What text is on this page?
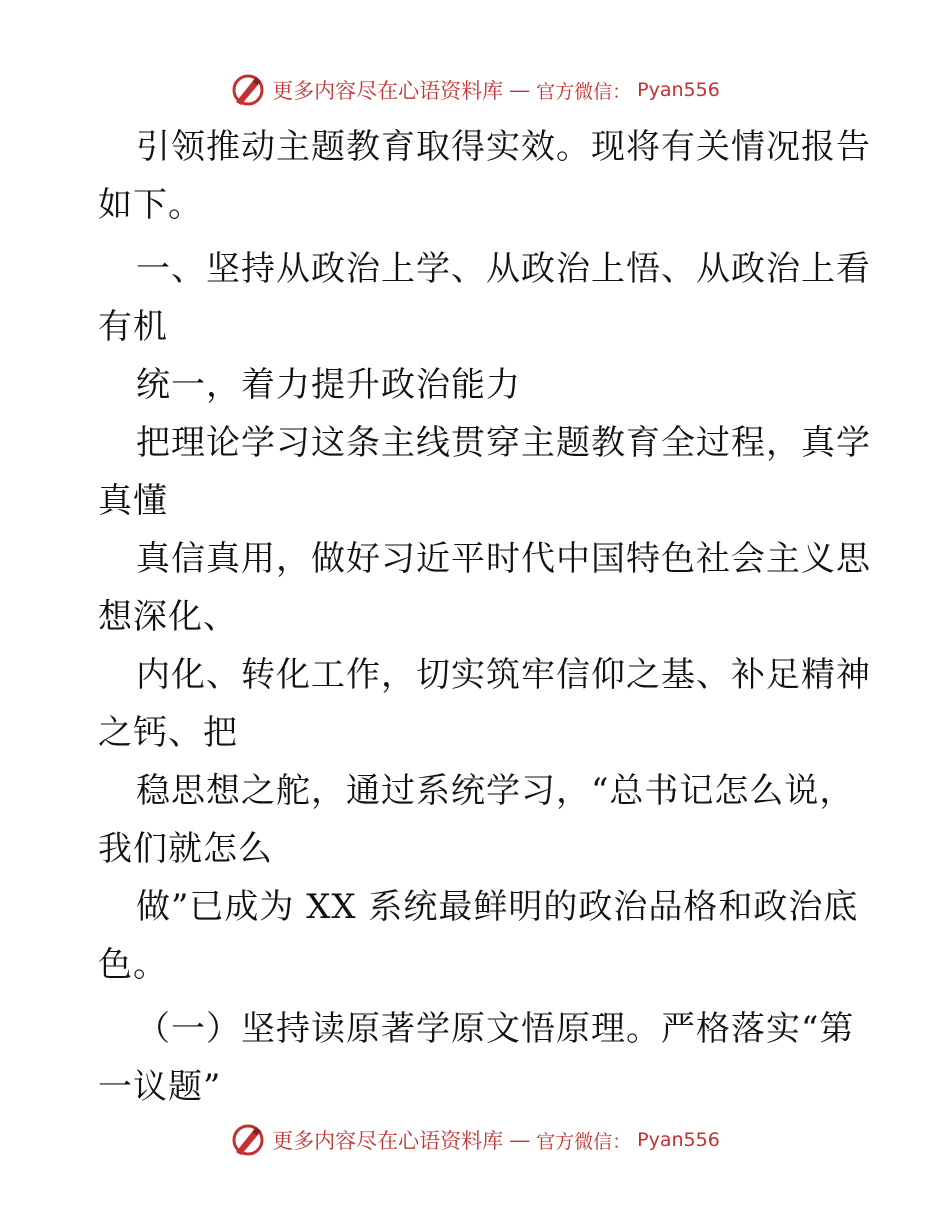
更多内容尽在心语资料库 — 官方微信： Pyan556
引领推动主题教育取得实效。现将有关情况报告
如下。
一、坚持从政治上学、从政治上悟、从政治上看
有机
统一，着力提升政治能力
把理论学习这条主线贯穿主题教育全过程，真学
真懂
真信真用，做好习近平时代中国特色社会主义思
想深化、
内化、转化工作，切实筑牢信仰之基、补足精神
之钙、把
稳思想之舵，通过系统学习，“总书记怎么说，
我们就怎么
做”已成为 XX 系统最鲜明的政治品格和政治底
色。
（一）坚持读原著学原文悟原理。严格落实“第
一议题”
更多内容尽在心语资料库 — 官方微信： Pyan556
